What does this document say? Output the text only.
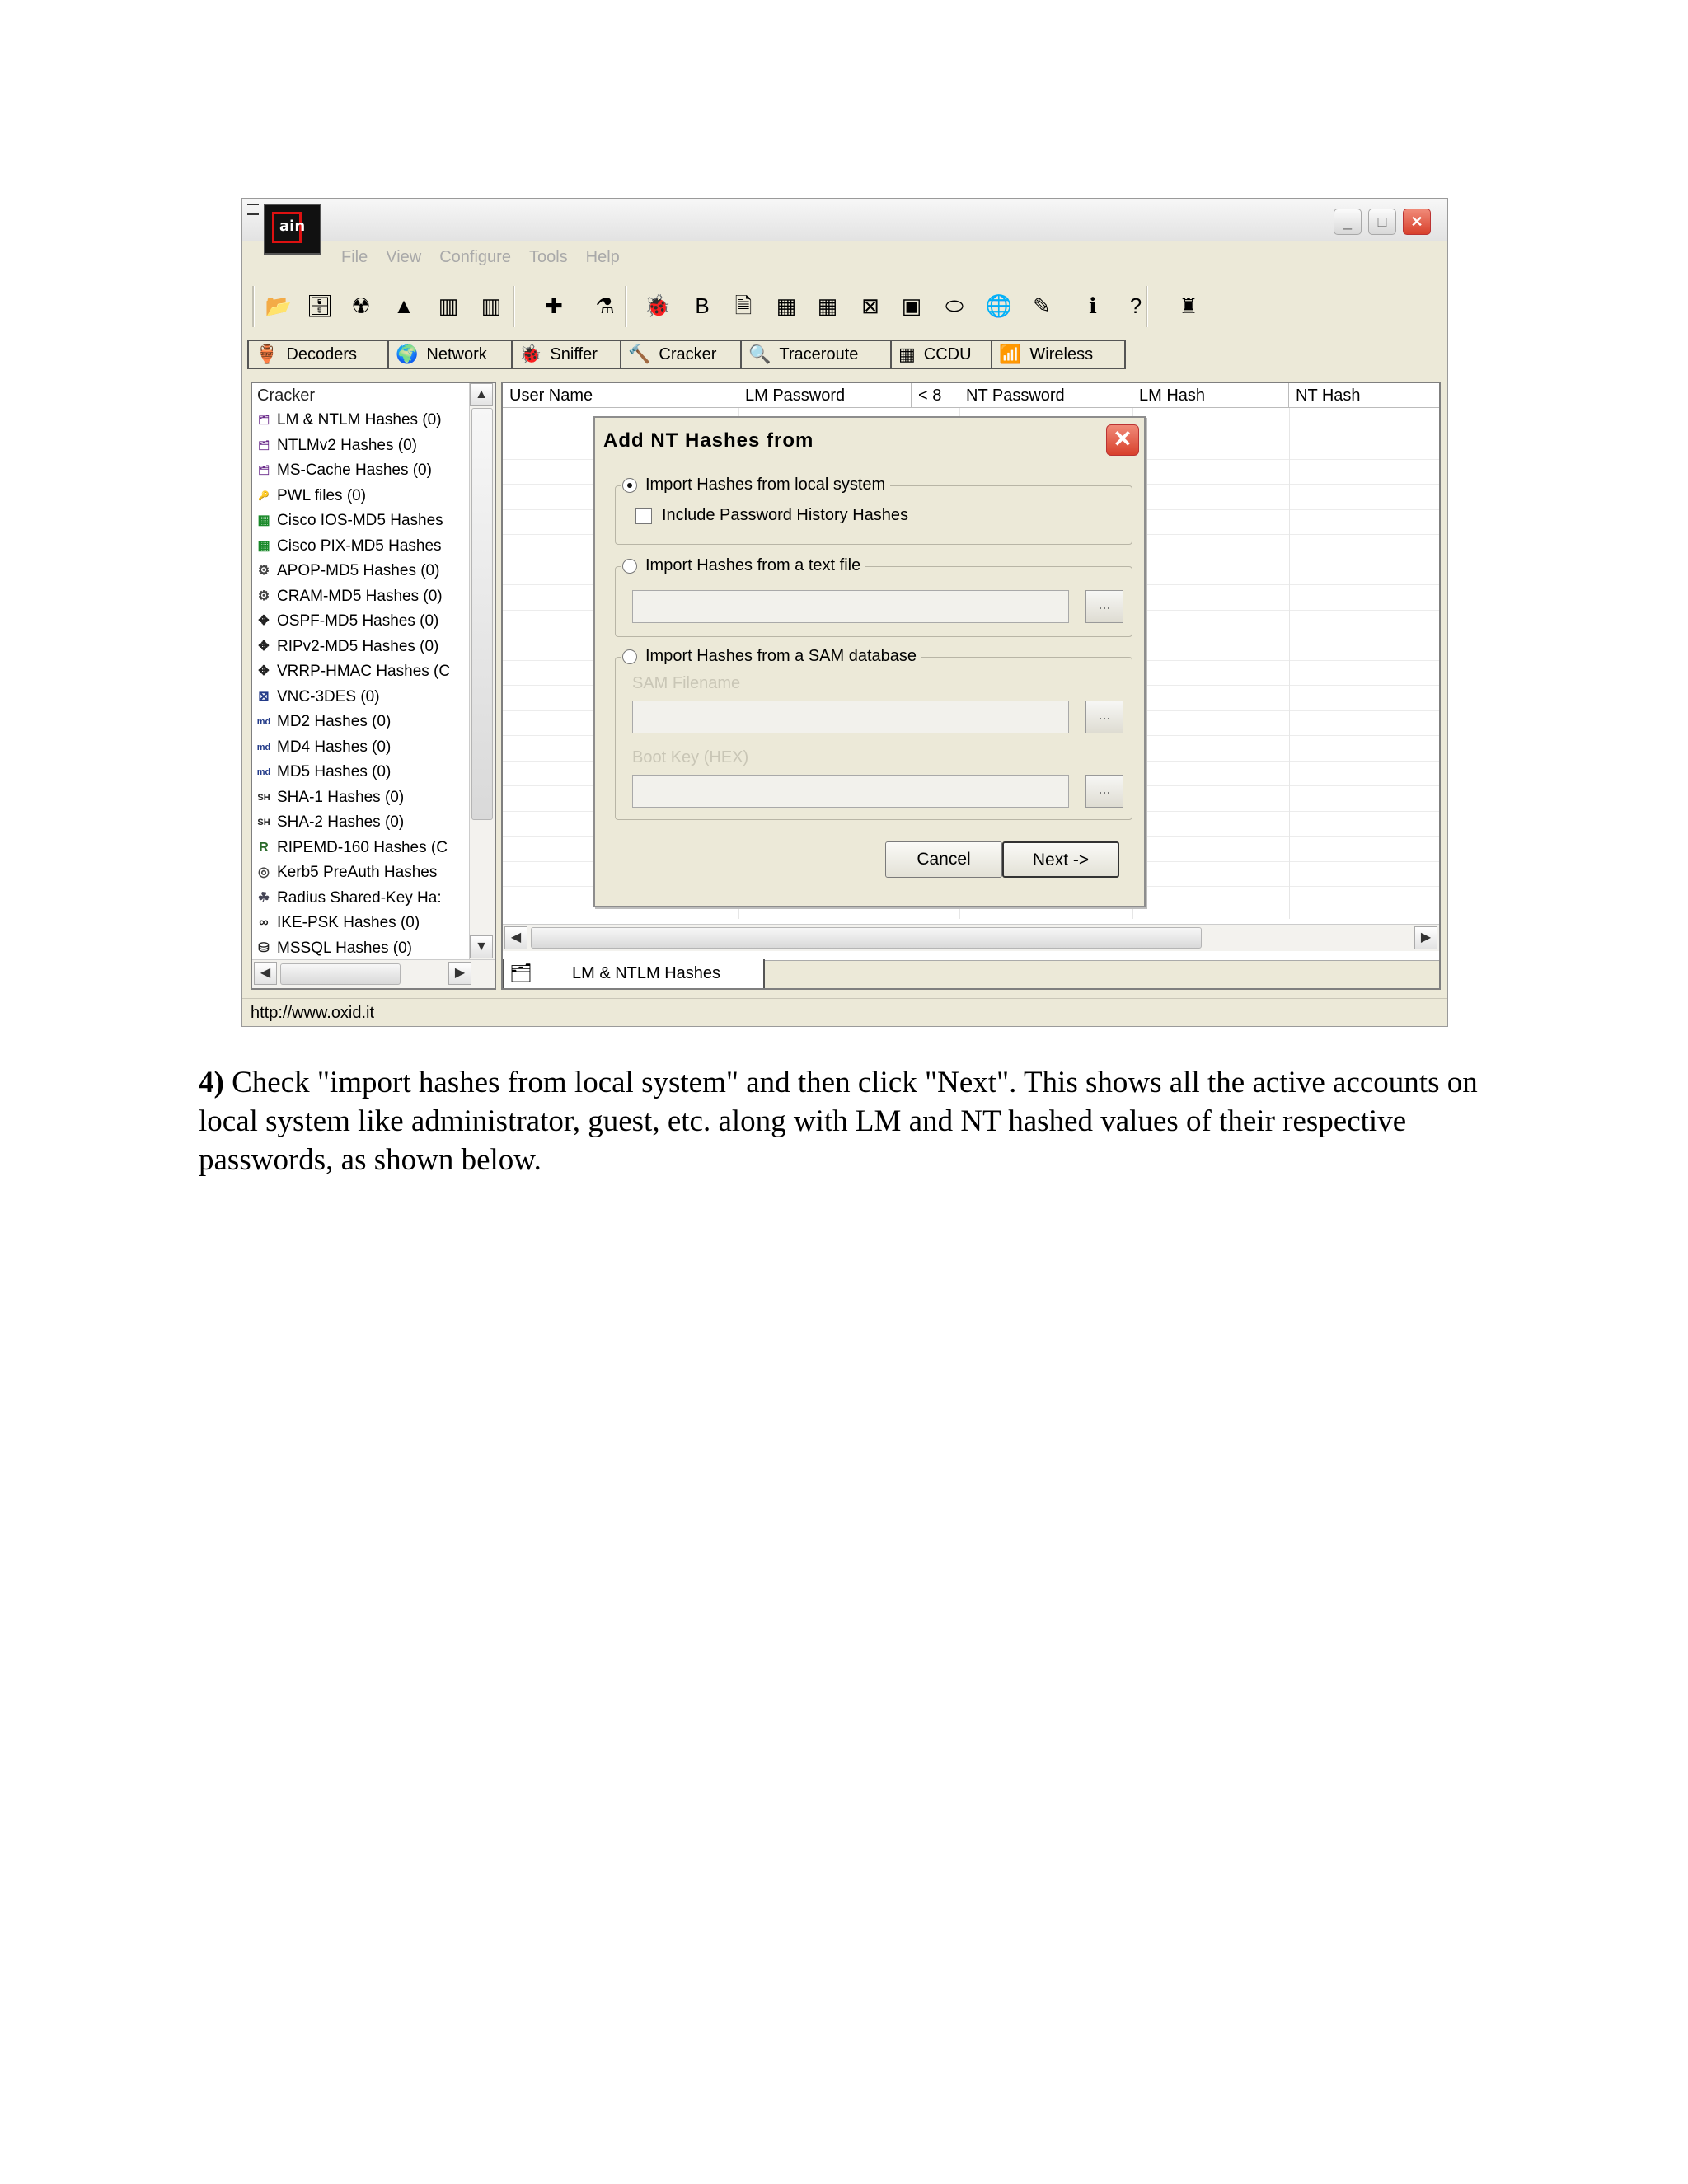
ain	_	□	✕
File View Configure Tools Help
📂 🗄 ☢	▲ ▥ ▥	✚	⚗	🐞	B	🗎	▦ ▦	⊠	▣	⬭	🌐 ✎	ℹ	?	♜
🏺 Decoders 🌍 Network 🐞 Sniffer 🔨 Cracker 🔍 Traceroute ▦ CCDU 📶 Wireless
Cracker
🗂 LM & NTLM Hashes (0)
🗂 NTLMv2 Hashes (0)
🗂 MS-Cache Hashes (0)
🔑 PWL files (0)
▦ Cisco IOS-MD5 Hashes
▦ Cisco PIX-MD5 Hashes
⚙ APOP-MD5 Hashes (0)
⚙ CRAM-MD5 Hashes (0)
✥ OSPF-MD5 Hashes (0)
✥ RIPv2-MD5 Hashes (0)
✥ VRRP-HMAC Hashes (C
⊠ VNC-3DES (0)
md MD2 Hashes (0)
md MD4 Hashes (0)
md MD5 Hashes (0)
SH SHA-1 Hashes (0)
SH SHA-2 Hashes (0)
R RIPEMD-160 Hashes (C
◎ Kerb5 PreAuth Hashes
☘ Radius Shared-Key Ha:
∞ IKE-PSK Hashes (0)
⛁ MSSQL Hashes (0)
▲
▼
◀	▶
User Name	LM Password	< 8	NT Password	LM Hash	NT Hash
◀	▶
🗂 LM & NTLM Hashes
http://www.oxid.it
Add NT Hashes from	✕
Import Hashes from local system
Include Password History Hashes
Import Hashes from a text file
...
Import Hashes from a SAM database
SAM Filename
...
Boot Key (HEX)
...
Cancel	Next ->
4) Check "import hashes from local system" and then click "Next". This shows all the active accounts on local system like administrator, guest, etc. along with LM and NT hashed values of their respective passwords, as shown below.
